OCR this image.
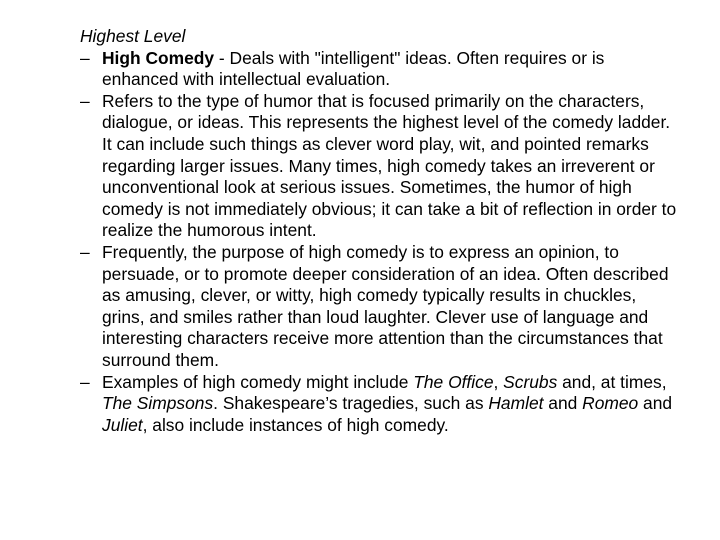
Highest Level
– High Comedy - Deals with "intelligent" ideas. Often requires or is enhanced with intellectual evaluation.
– Refers to the type of humor that is focused primarily on the characters, dialogue, or ideas. This represents the highest level of the comedy ladder. It can include such things as clever word play, wit, and pointed remarks regarding larger issues. Many times, high comedy takes an irreverent or unconventional look at serious issues. Sometimes, the humor of high comedy is not immediately obvious; it can take a bit of reflection in order to realize the humorous intent.
– Frequently, the purpose of high comedy is to express an opinion, to persuade, or to promote deeper consideration of an idea. Often described as amusing, clever, or witty, high comedy typically results in chuckles, grins, and smiles rather than loud laughter. Clever use of language and interesting characters receive more attention than the circumstances that surround them.
– Examples of high comedy might include The Office, Scrubs and, at times, The Simpsons. Shakespeare’s tragedies, such as Hamlet and Romeo and Juliet, also include instances of high comedy.
